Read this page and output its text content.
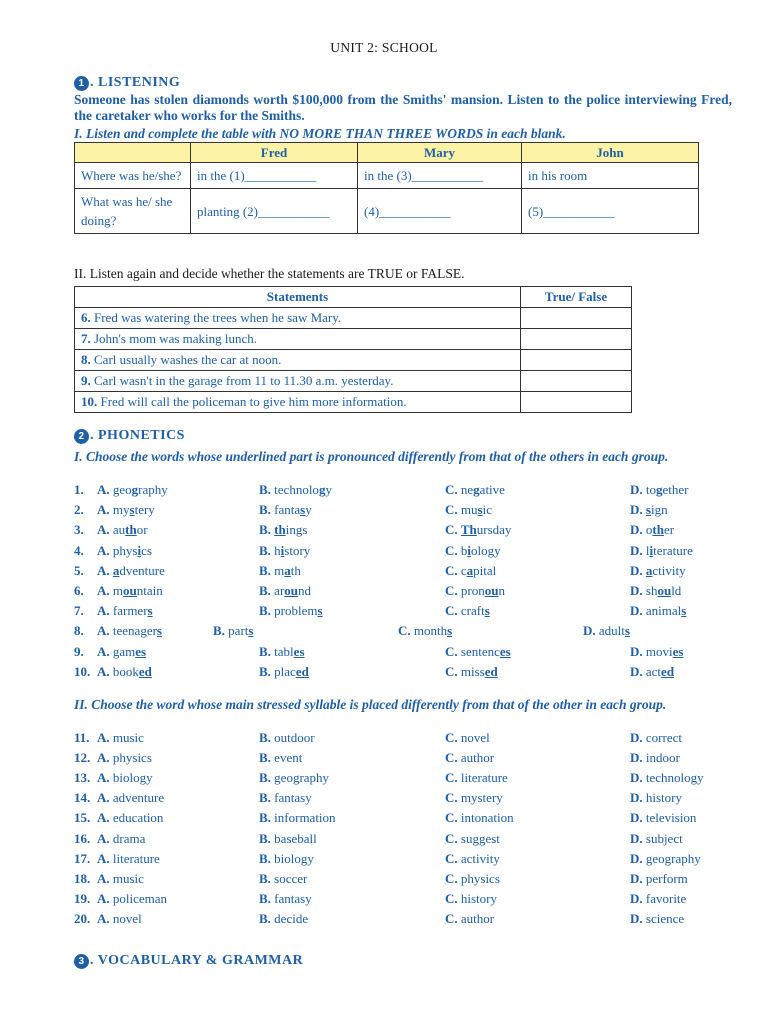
UNIT 2: SCHOOL
1 . LISTENING
Someone has stolen diamonds worth $100,000 from the Smiths' mansion. Listen to the police interviewing Fred, the caretaker who works for the Smiths.
I. Listen and complete the table with NO MORE THAN THREE WORDS in each blank.
	Fred	Mary	John
Where was he/she?	in the (1)___________	in the (3)___________	in his room
What was he/ she doing?	planting (2)___________	(4)___________	(5)___________
II. Listen again and decide whether the statements are TRUE or FALSE.
Statements	True/ False
6. Fred was watering the trees when he saw Mary.	
7. John's mom was making lunch.	
8. Carl usually washes the car at noon.	
9. Carl wasn't in the garage from 11 to 11.30 a.m. yesterday.	
10. Fred will call the policeman to give him more information.	
2 . PHONETICS
I. Choose the words whose underlined part is pronounced differently from that of the others in each group.
1. A. geography	B. technology	C. negative	D. together
2. A. mystery	B. fantasy	C. music	D. sign
3. A. author	B. things	C. Thursday	D. other
4. A. physics	B. history	C. biology	D. literature
5. A. adventure	B. math	C. capital	D. activity
6. A. mountain	B. around	C. pronoun	D. should
7. A. farmers	B. problems	C. crafts	D. animals
8. A. teenagers	B. parts	C. months	D. adults
9. A. games	B. tables	C. sentences	D. movies
10. A. booked	B. placed	C. missed	D. acted
II. Choose the word whose main stressed syllable is placed differently from that of the other in each group.
11. A. music	B. outdoor	C. novel	D. correct
12. A. physics	B. event	C. author	D. indoor
13. A. biology	B. geography	C. literature	D. technology
14. A. adventure	B. fantasy	C. mystery	D. history
15. A. education	B. information	C. intonation	D. television
16. A. drama	B. baseball	C. suggest	D. subject
17. A. literature	B. biology	C. activity	D. geography
18. A. music	B. soccer	C. physics	D. perform
19. A. policeman	B. fantasy	C. history	D. favorite
20. A. novel	B. decide	C. author	D. science
3 . VOCABULARY & GRAMMAR
